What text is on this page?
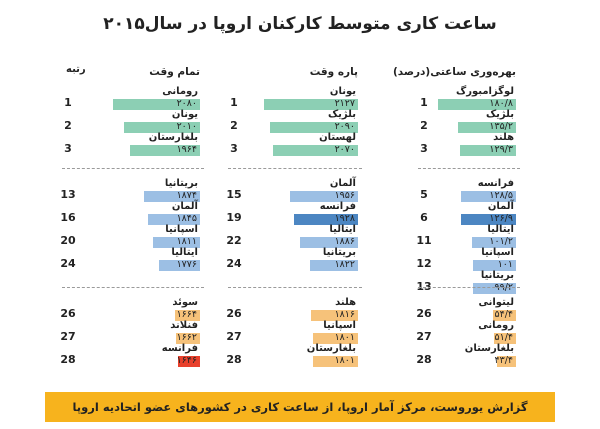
ساعت کاری متوسط کارکنان اروپا در سال۲۰۱۵
تمام وقت
رتبه
رومانی
۲۰۸۰
1
یونان
۲۰۱۰
2
بلغارستان
۱۹۶۴
3
بریتانیا
۱۸۷۴
13
آلمان
۱۸۴۵
16
اسپانیا
۱۸۱۱
20
ایتالیا
۱۷۷۶
24
سوئد
۱۶۶۴
26
فنلاند
۱۶۶۲
27
فرانسه
۱۶۴۶
28
پاره وقت
یونان
۲۱۲۷
1
بلژیک
۲۰۹۰
2
لهستان
۲۰۷۰
3
آلمان
۱۹۵۶
15
فرانسه
۱۹۲۸
19
ایتالیا
۱۸۸۶
22
بریتانیا
۱۸۲۲
24
هلند
۱۸۱۶
26
اسپانیا
۱۸۰۱
27
بلغارستان
۱۸۰۱
28
بهره‌وری ساعتی(درصد)
لوگزامبورگ
۱۸۰/۸
1
بلژیک
۱۳۵/۲
2
هلند
۱۲۹/۳
3
فرانسه
۱۲۸/۵
5
آلمان
۱۲۶/۹
6
ایتالیا
۱۰۱/۲
11
اسپانیا
۱۰۱
12
بریتانیا
۹۹/۲
13
لیتوانی
۵۴/۴
26
رومانی
۵۱/۴
27
بلغارستان
۴۳/۴
28
گزارش یوروست، مرکز آمار اروپا، از ساعت کاری در کشورهای عضو اتحادیه اروپا
